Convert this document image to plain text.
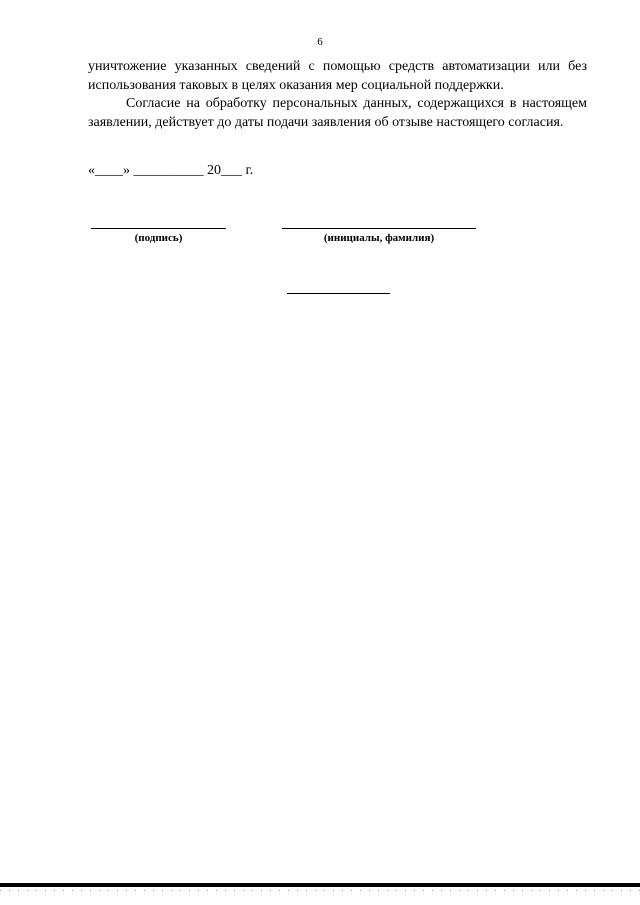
6
уничтожение указанных сведений с помощью средств автоматизации или без использования таковых в целях оказания мер социальной поддержки.
Согласие на обработку персональных данных, содержащихся в настоящем заявлении, действует до даты подачи заявления об отзыве настоящего согласия.
«____» __________ 20___ г.
(подпись)	(инициалы, фамилия)
